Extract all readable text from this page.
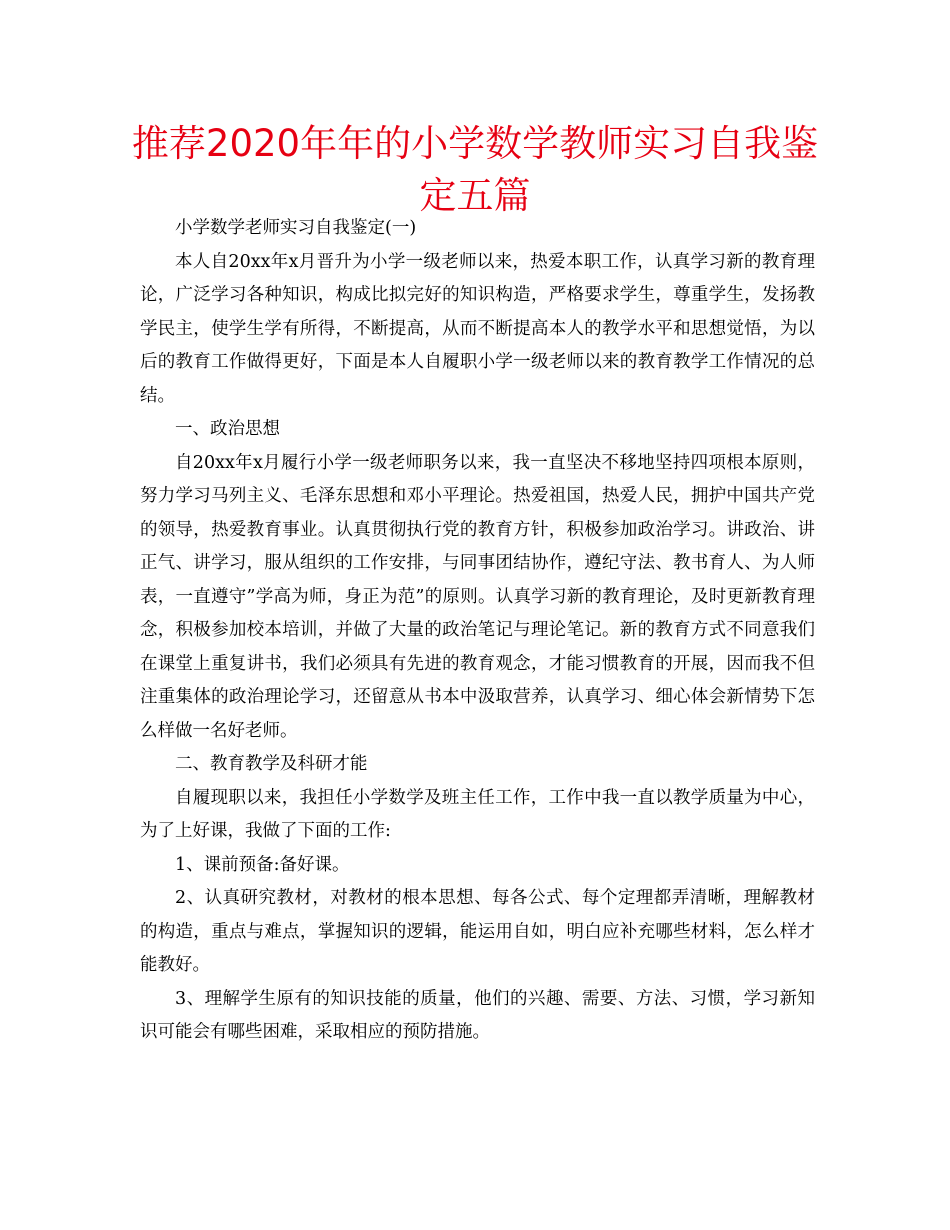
推荐2020年年的小学数学教师实习自我鉴定五篇

小学数学老师实习自我鉴定(一)

本人自20xx年x月晋升为小学一级老师以来，热爱本职工作，认真学习新的教育理论，广泛学习各种知识，构成比拟完好的知识构造，严格要求学生，尊重学生，发扬教学民主，使学生学有所得，不断提高，从而不断提高本人的教学水平和思想觉悟，为以后的教育工作做得更好，下面是本人自履职小学一级老师以来的教育教学工作情况的总结。

一、政治思想

自20xx年x月履行小学一级老师职务以来，我一直坚决不移地坚持四项根本原则，努力学习马列主义、毛泽东思想和邓小平理论。热爱祖国，热爱人民，拥护中国共产党的领导，热爱教育事业。认真贯彻执行党的教育方针，积极参加政治学习。讲政治、讲正气、讲学习，服从组织的工作安排，与同事团结协作，遵纪守法、教书育人、为人师表，一直遵守”学高为师，身正为范”的原则。认真学习新的教育理论，及时更新教育理念，积极参加校本培训，并做了大量的政治笔记与理论笔记。新的教育方式不同意我们在课堂上重复讲书，我们必须具有先进的教育观念，才能习惯教育的开展，因而我不但注重集体的政治理论学习，还留意从书本中汲取营养，认真学习、细心体会新情势下怎么样做一名好老师。

二、教育教学及科研才能

自履现职以来，我担任小学数学及班主任工作，工作中我一直以教学质量为中心，为了上好课，我做了下面的工作:

1、课前预备:备好课。

2、认真研究教材，对教材的根本思想、每各公式、每个定理都弄清晰，理解教材的构造，重点与难点，掌握知识的逻辑，能运用自如，明白应补充哪些材料，怎么样才能教好。

3、理解学生原有的知识技能的质量，他们的兴趣、需要、方法、习惯，学习新知识可能会有哪些困难，采取相应的预防措施。
